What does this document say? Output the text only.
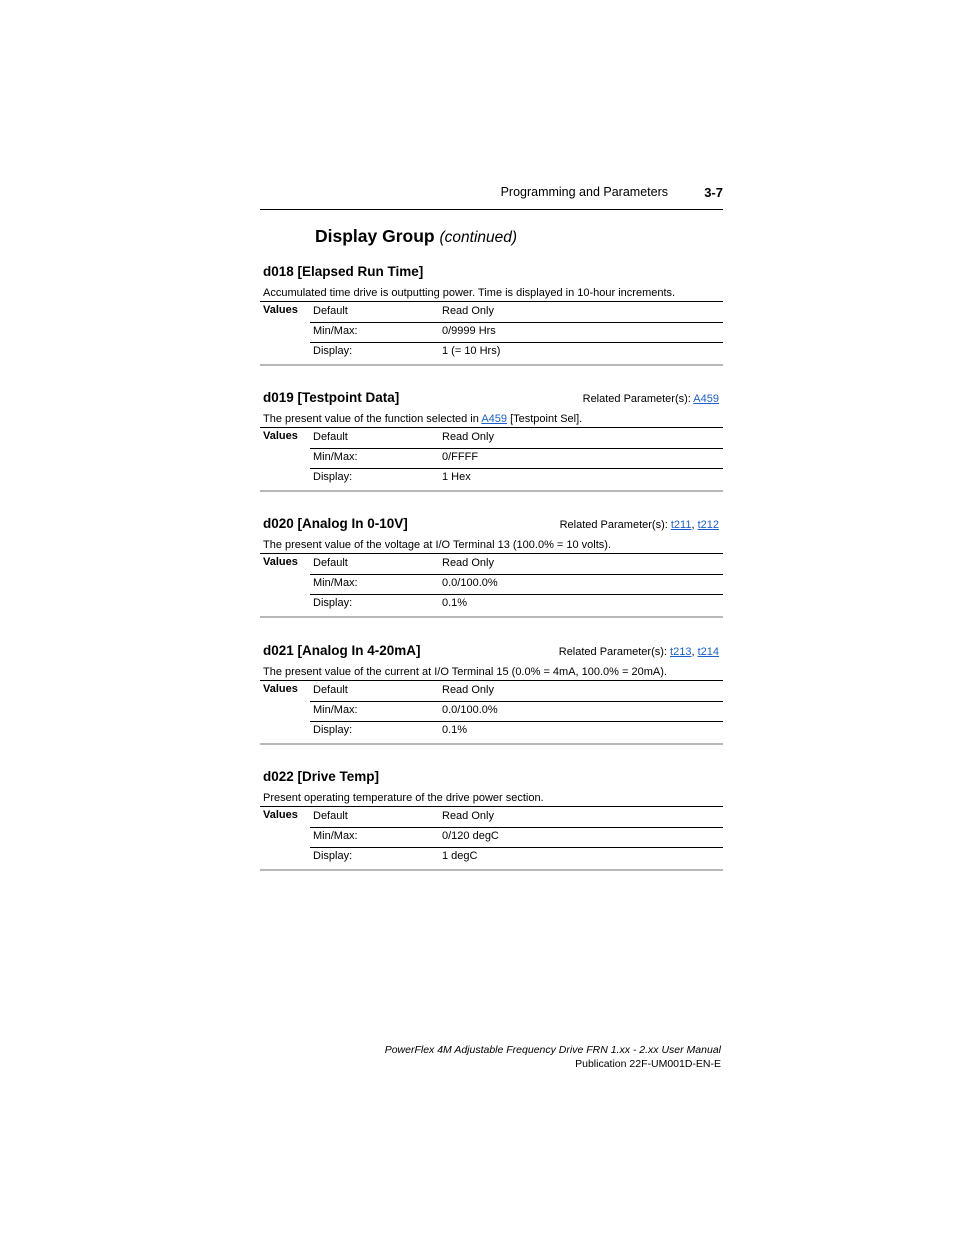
Programming and Parameters	3-7
Display Group (continued)
d018 [Elapsed Run Time]
Accumulated time drive is outputting power. Time is displayed in 10-hour increments.
Values Default	Read Only
Min/Max:	0/9999 Hrs
Display:	1 (= 10 Hrs)
d019 [Testpoint Data]	Related Parameter(s): A459
The present value of the function selected in A459 [Testpoint Sel].
Values Default	Read Only
Min/Max:	0/FFFF
Display:	1 Hex
d020 [Analog In 0-10V]	Related Parameter(s): t211, t212
The present value of the voltage at I/O Terminal 13 (100.0% = 10 volts).
Values Default	Read Only
Min/Max:	0.0/100.0%
Display:	0.1%
d021 [Analog In 4-20mA]	Related Parameter(s): t213, t214
The present value of the current at I/O Terminal 15 (0.0% = 4mA, 100.0% = 20mA).
Values Default	Read Only
Min/Max:	0.0/100.0%
Display:	0.1%
d022 [Drive Temp]
Present operating temperature of the drive power section.
Values Default	Read Only
Min/Max:	0/120 degC
Display:	1 degC
PowerFlex 4M Adjustable Frequency Drive FRN 1.xx - 2.xx User Manual
Publication 22F-UM001D-EN-E
